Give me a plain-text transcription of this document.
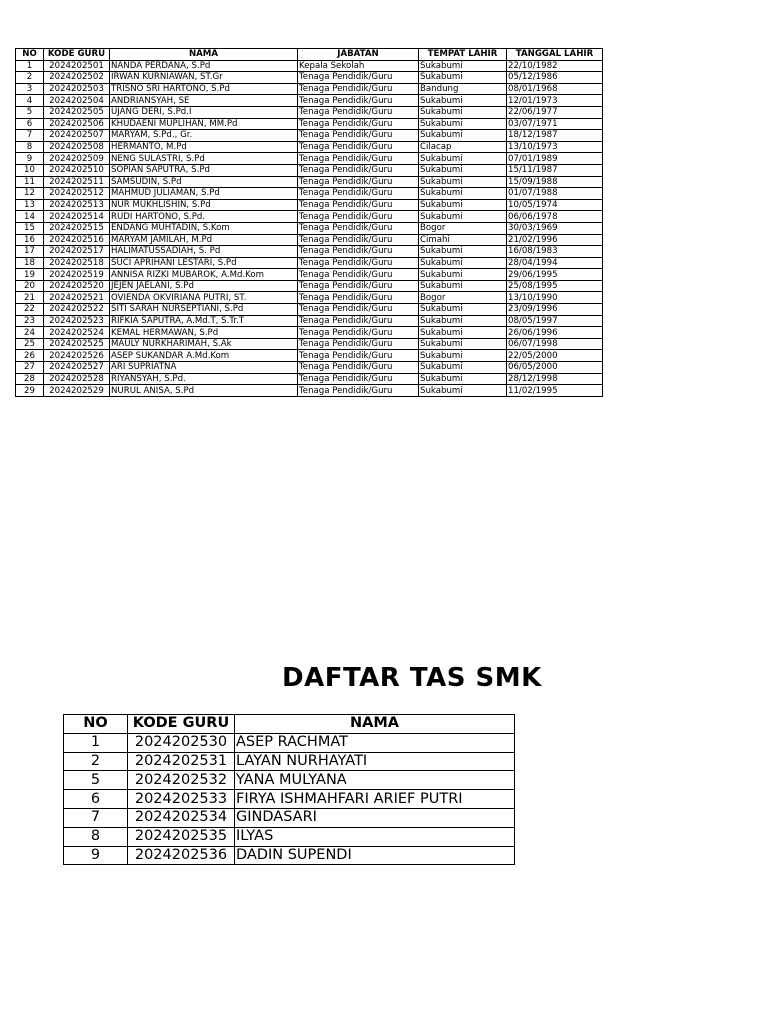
NO	KODE GURU	NAMA	JABATAN	TEMPAT LAHIR	TANGGAL LAHIR
1	2024202501	NANDA PERDANA, S.Pd	Kepala Sekolah	Sukabumi	22/10/1982
2	2024202502	IRWAN KURNIAWAN, ST.Gr	Tenaga Pendidik/Guru	Sukabumi	05/12/1986
3	2024202503	TRISNO SRI HARTONO, S.Pd	Tenaga Pendidik/Guru	Bandung	08/01/1968
4	2024202504	ANDRIANSYAH, SE	Tenaga Pendidik/Guru	Sukabumi	12/01/1973
5	2024202505	UJANG DERI, S.Pd.I	Tenaga Pendidik/Guru	Sukabumi	22/06/1977
6	2024202506	KHUDAENI MUPLIHAN, MM.Pd	Tenaga Pendidik/Guru	Sukabumi	03/07/1971
7	2024202507	MARYAM, S.Pd., Gr.	Tenaga Pendidik/Guru	Sukabumi	18/12/1987
8	2024202508	HERMANTO, M.Pd	Tenaga Pendidik/Guru	Cilacap	13/10/1973
9	2024202509	NENG SULASTRI, S.Pd	Tenaga Pendidik/Guru	Sukabumi	07/01/1989
10	2024202510	SOPIAN SAPUTRA, S.Pd	Tenaga Pendidik/Guru	Sukabumi	15/11/1987
11	2024202511	SAMSUDIN, S.Pd	Tenaga Pendidik/Guru	Sukabumi	15/09/1988
12	2024202512	MAHMUD JULIAMAN, S.Pd	Tenaga Pendidik/Guru	Sukabumi	01/07/1988
13	2024202513	NUR MUKHLISHIN, S.Pd	Tenaga Pendidik/Guru	Sukabumi	10/05/1974
14	2024202514	RUDI HARTONO, S.Pd.	Tenaga Pendidik/Guru	Sukabumi	06/06/1978
15	2024202515	ENDANG MUHTADIN, S.Kom	Tenaga Pendidik/Guru	Bogor	30/03/1969
16	2024202516	MARYAM JAMILAH, M.Pd	Tenaga Pendidik/Guru	Cimahi	21/02/1996
17	2024202517	HALIMATUSSADIAH, S. Pd	Tenaga Pendidik/Guru	Sukabumi	16/08/1983
18	2024202518	SUCI APRIHANI LESTARI, S.Pd	Tenaga Pendidik/Guru	Sukabumi	28/04/1994
19	2024202519	ANNISA RIZKI MUBAROK, A.Md.Kom	Tenaga Pendidik/Guru	Sukabumi	29/06/1995
20	2024202520	JEJEN JAELANI, S.Pd	Tenaga Pendidik/Guru	Sukabumi	25/08/1995
21	2024202521	OVIENDA OKVIRIANA PUTRI, ST.	Tenaga Pendidik/Guru	Bogor	13/10/1990
22	2024202522	SITI SARAH NURSEPTIANI, S.Pd	Tenaga Pendidik/Guru	Sukabumi	23/09/1996
23	2024202523	RIFKIA SAPUTRA, A.Md.T, S.Tr.T	Tenaga Pendidik/Guru	Sukabumi	08/05/1997
24	2024202524	KEMAL HERMAWAN, S.Pd	Tenaga Pendidik/Guru	Sukabumi	26/06/1996
25	2024202525	MAULY NURKHARIMAH, S.Ak	Tenaga Pendidik/Guru	Sukabumi	06/07/1998
26	2024202526	ASEP SUKANDAR A.Md.Kom	Tenaga Pendidik/Guru	Sukabumi	22/05/2000
27	2024202527	ARI SUPRIATNA	Tenaga Pendidik/Guru	Sukabumi	06/05/2000
28	2024202528	RIYANSYAH, S.Pd.	Tenaga Pendidik/Guru	Sukabumi	28/12/1998
29	2024202529	NURUL ANISA, S.Pd	Tenaga Pendidik/Guru	Sukabumi	11/02/1995
DAFTAR TAS SMK
NO	KODE GURU	NAMA
1	2024202530	ASEP RACHMAT
2	2024202531	LAYAN NURHAYATI
5	2024202532	YANA MULYANA
6	2024202533	FIRYA ISHMAHFARI ARIEF PUTRI
7	2024202534	GINDASARI
8	2024202535	ILYAS
9	2024202536	DADIN SUPENDI
